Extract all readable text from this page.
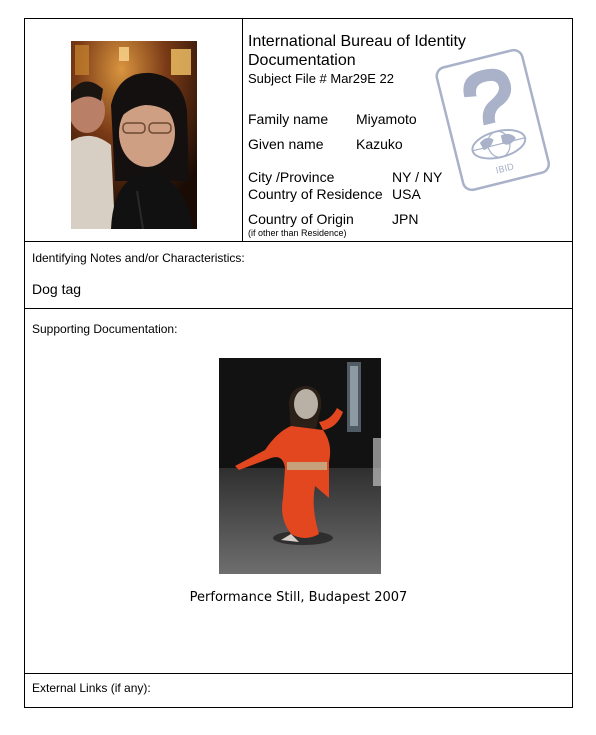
IBID
International Bureau of Identity Documentation
Subject File # Mar29E 22
Family name Miyamoto
Given name Kazuko
City /Province	NY / NY
Country of Residence USA
Country of Origin	JPN
(if other than Residence)
Identifying Notes and/or Characteristics:
Dog tag
Supporting Documentation:
Performance Still, Budapest 2007
External Links (if any):
